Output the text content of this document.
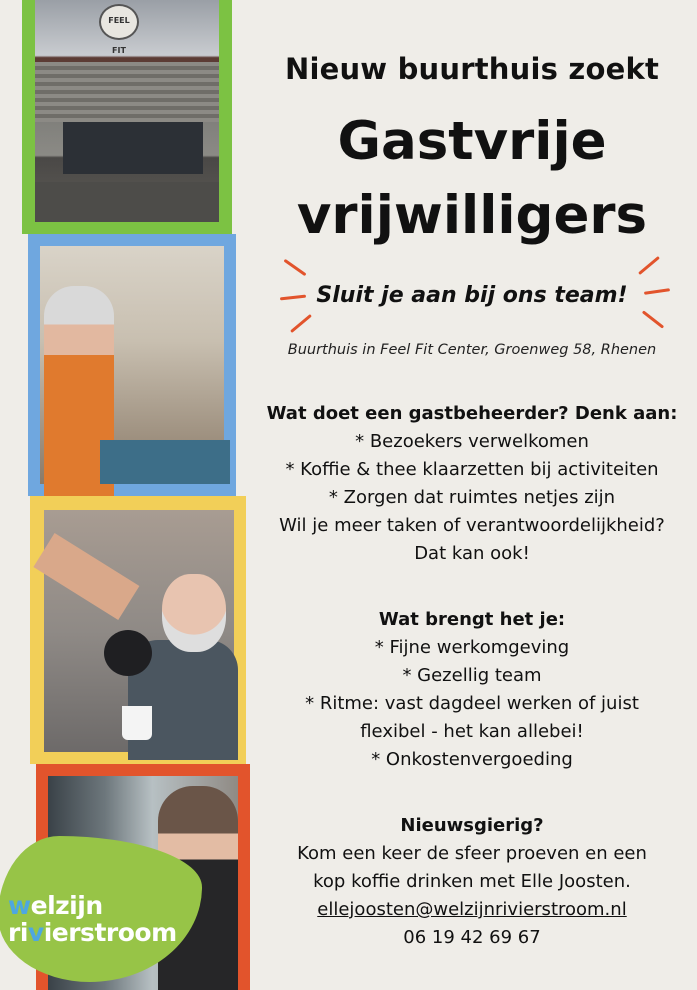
FEEL FIT
welzijn
rivierstroom
Nieuw buurthuis zoekt
Gastvrije
vrijwilligers
Sluit je aan bij ons team!
Buurthuis in Feel Fit Center, Groenweg 58, Rhenen
Wat doet een gastbeheerder? Denk aan:
* Bezoekers verwelkomen
* Koffie & thee klaarzetten bij activiteiten
* Zorgen dat ruimtes netjes zijn
Wil je meer taken of verantwoordelijkheid?
Dat kan ook!
Wat brengt het je:
* Fijne werkomgeving
* Gezellig team
* Ritme: vast dagdeel werken of juist
flexibel - het kan allebei!
* Onkostenvergoeding
Nieuwsgierig?
Kom een keer de sfeer proeven en een
kop koffie drinken met Elle Joosten.
ellejoosten@welzijnrivierstroom.nl
06 19 42 69 67
